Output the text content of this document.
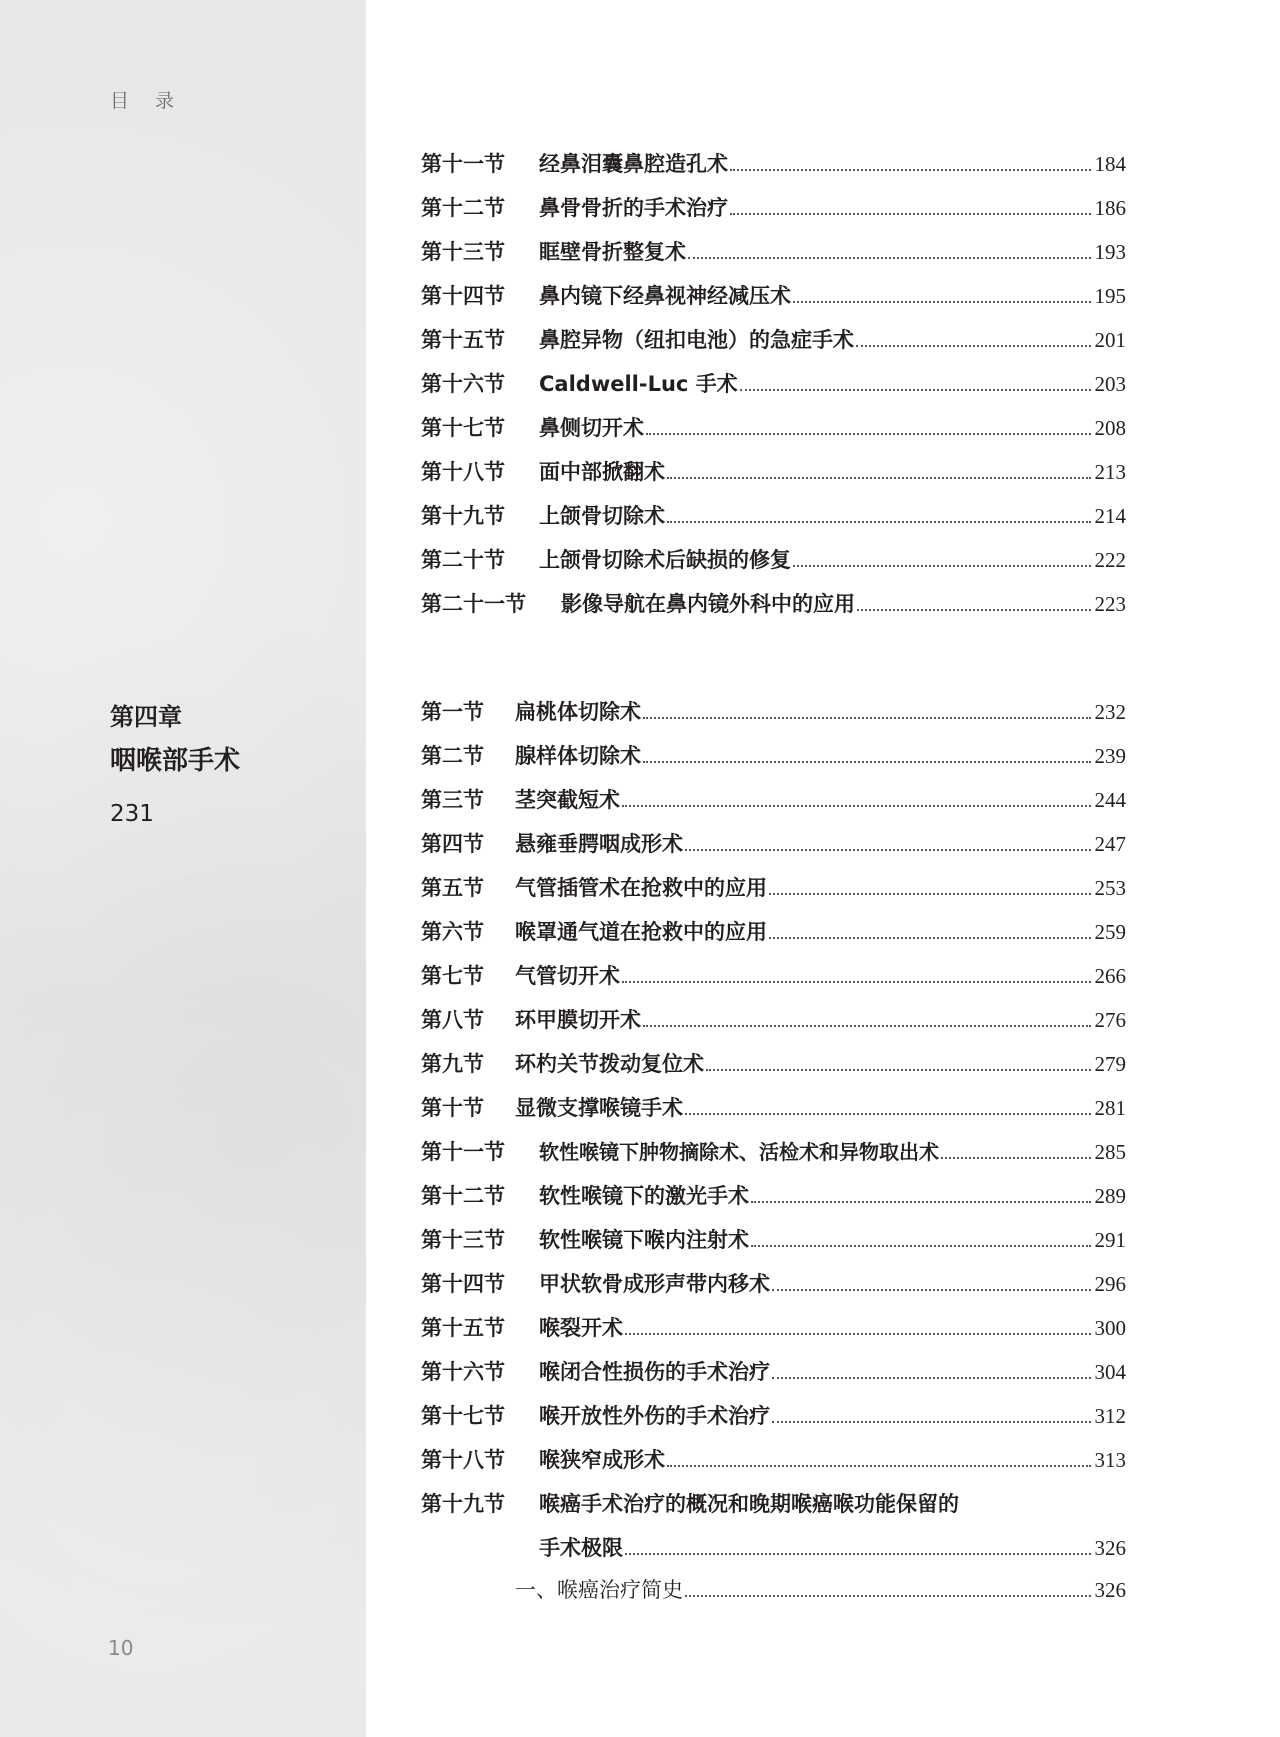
目 录
第四章
咽喉部手术
231
10
第十一节	经鼻泪囊鼻腔造孔术	184
第十二节	鼻骨骨折的手术治疗	186
第十三节	眶壁骨折整复术	193
第十四节	鼻内镜下经鼻视神经减压术	195
第十五节	鼻腔异物（纽扣电池）的急症手术	201
第十六节	Caldwell-Luc 手术	203
第十七节	鼻侧切开术	208
第十八节	面中部掀翻术	213
第十九节	上颌骨切除术	214
第二十节	上颌骨切除术后缺损的修复	222
第二十一节	影像导航在鼻内镜外科中的应用	223
第一节	扁桃体切除术	232
第二节	腺样体切除术	239
第三节	茎突截短术	244
第四节	悬雍垂腭咽成形术	247
第五节	气管插管术在抢救中的应用	253
第六节	喉罩通气道在抢救中的应用	259
第七节	气管切开术	266
第八节	环甲膜切开术	276
第九节	环杓关节拨动复位术	279
第十节	显微支撑喉镜手术	281
第十一节	软性喉镜下肿物摘除术、活检术和异物取出术	285
第十二节	软性喉镜下的激光手术	289
第十三节	软性喉镜下喉内注射术	291
第十四节	甲状软骨成形声带内移术	296
第十五节	喉裂开术	300
第十六节	喉闭合性损伤的手术治疗	304
第十七节	喉开放性外伤的手术治疗	312
第十八节	喉狭窄成形术	313
第十九节	喉癌手术治疗的概况和晚期喉癌喉功能保留的
手术极限	326
一、喉癌治疗简史	326
